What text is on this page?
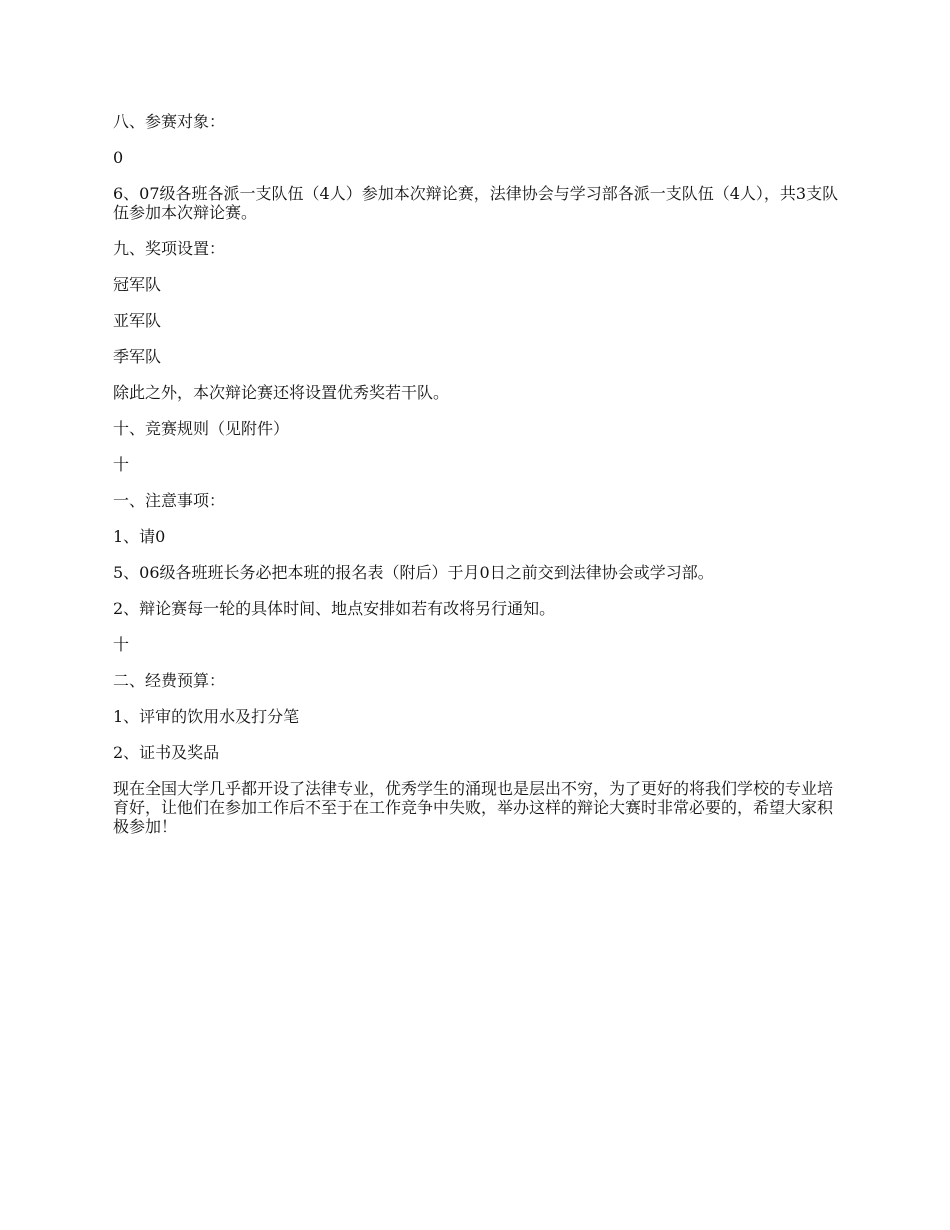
八、参赛对象：

0

6、07级各班各派一支队伍（4人）参加本次辩论赛，法律协会与学习部各派一支队伍（4人），共3支队伍参加本次辩论赛。

九、奖项设置：

冠军队

亚军队

季军队

除此之外，本次辩论赛还将设置优秀奖若干队。

十、竞赛规则（见附件）

十

一、注意事项：

1、请0

5、06级各班班长务必把本班的报名表（附后）于月0日之前交到法律协会或学习部。

2、辩论赛每一轮的具体时间、地点安排如若有改将另行通知。

十

二、经费预算：

1、评审的饮用水及打分笔

2、证书及奖品

现在全国大学几乎都开设了法律专业，优秀学生的涌现也是层出不穷，为了更好的将我们学校的专业培育好，让他们在参加工作后不至于在工作竞争中失败，举办这样的辩论大赛时非常必要的，希望大家积极参加！
